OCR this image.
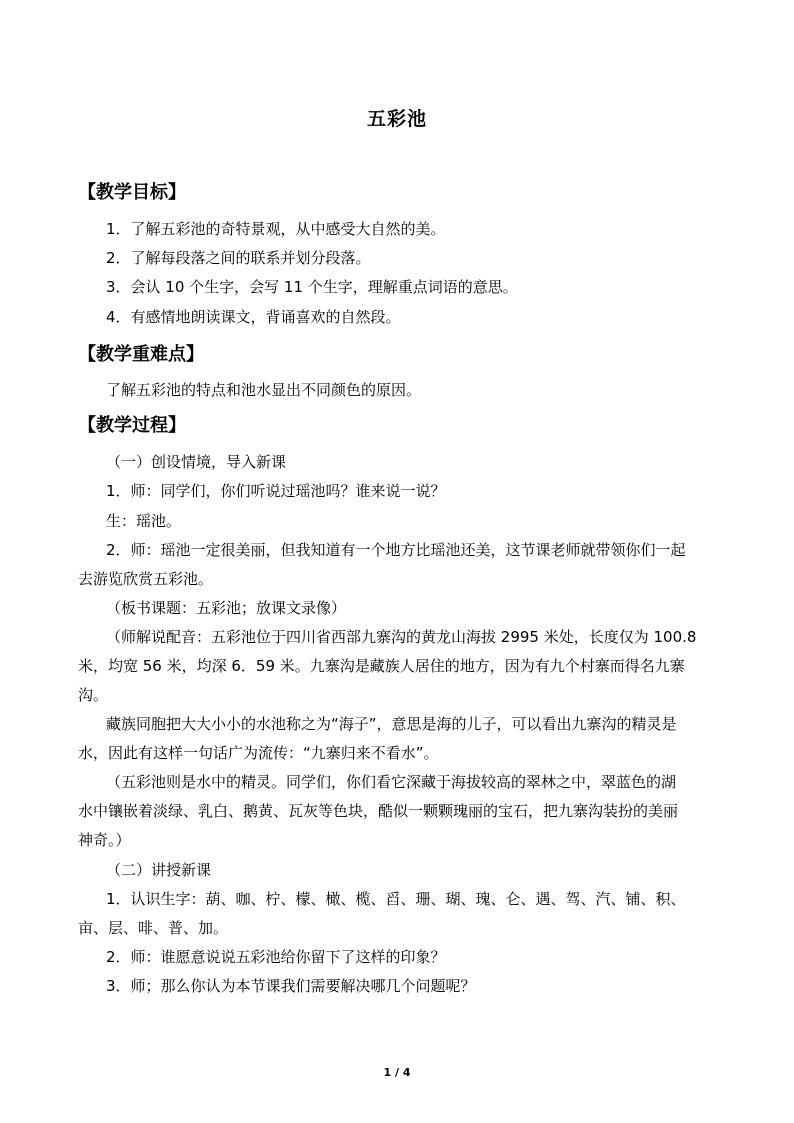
五彩池
【教学目标】
1．了解五彩池的奇特景观，从中感受大自然的美。
2．了解每段落之间的联系并划分段落。
3．会认 10 个生字，会写 11 个生字，理解重点词语的意思。
4．有感情地朗读课文，背诵喜欢的自然段。
【教学重难点】
了解五彩池的特点和池水显出不同颜色的原因。
【教学过程】
（一）创设情境，导入新课
1．师：同学们，你们听说过瑶池吗？谁来说一说？
生：瑶池。
2．师：瑶池一定很美丽，但我知道有一个地方比瑶池还美，这节课老师就带领你们一起
去游览欣赏五彩池。
（板书课题：五彩池；放课文录像）
（师解说配音：五彩池位于四川省西部九寨沟的黄龙山海拔 2995 米处，长度仅为 100.8
米，均宽 56 米，均深 6．59 米。九寨沟是藏族人居住的地方，因为有九个村寨而得名九寨
沟。
藏族同胞把大大小小的水池称之为“海子”，意思是海的儿子，可以看出九寨沟的精灵是
水，因此有这样一句话广为流传：“九寨归来不看水”。
（五彩池则是水中的精灵。同学们，你们看它深藏于海拔较高的翠林之中，翠蓝色的湖
水中镶嵌着淡绿、乳白、鹅黄、瓦灰等色块，酷似一颗颗瑰丽的宝石，把九寨沟装扮的美丽
神奇。）
（二）讲授新课
1．认识生字：葫、咖、柠、檬、橄、榄、舀、珊、瑚、瑰、仑、遇、驾、汽、铺、积、
亩、层、啡、普、加。
2．师：谁愿意说说五彩池给你留下了这样的印象？
3．师；那么你认为本节课我们需要解决哪几个问题呢？
1 / 4
